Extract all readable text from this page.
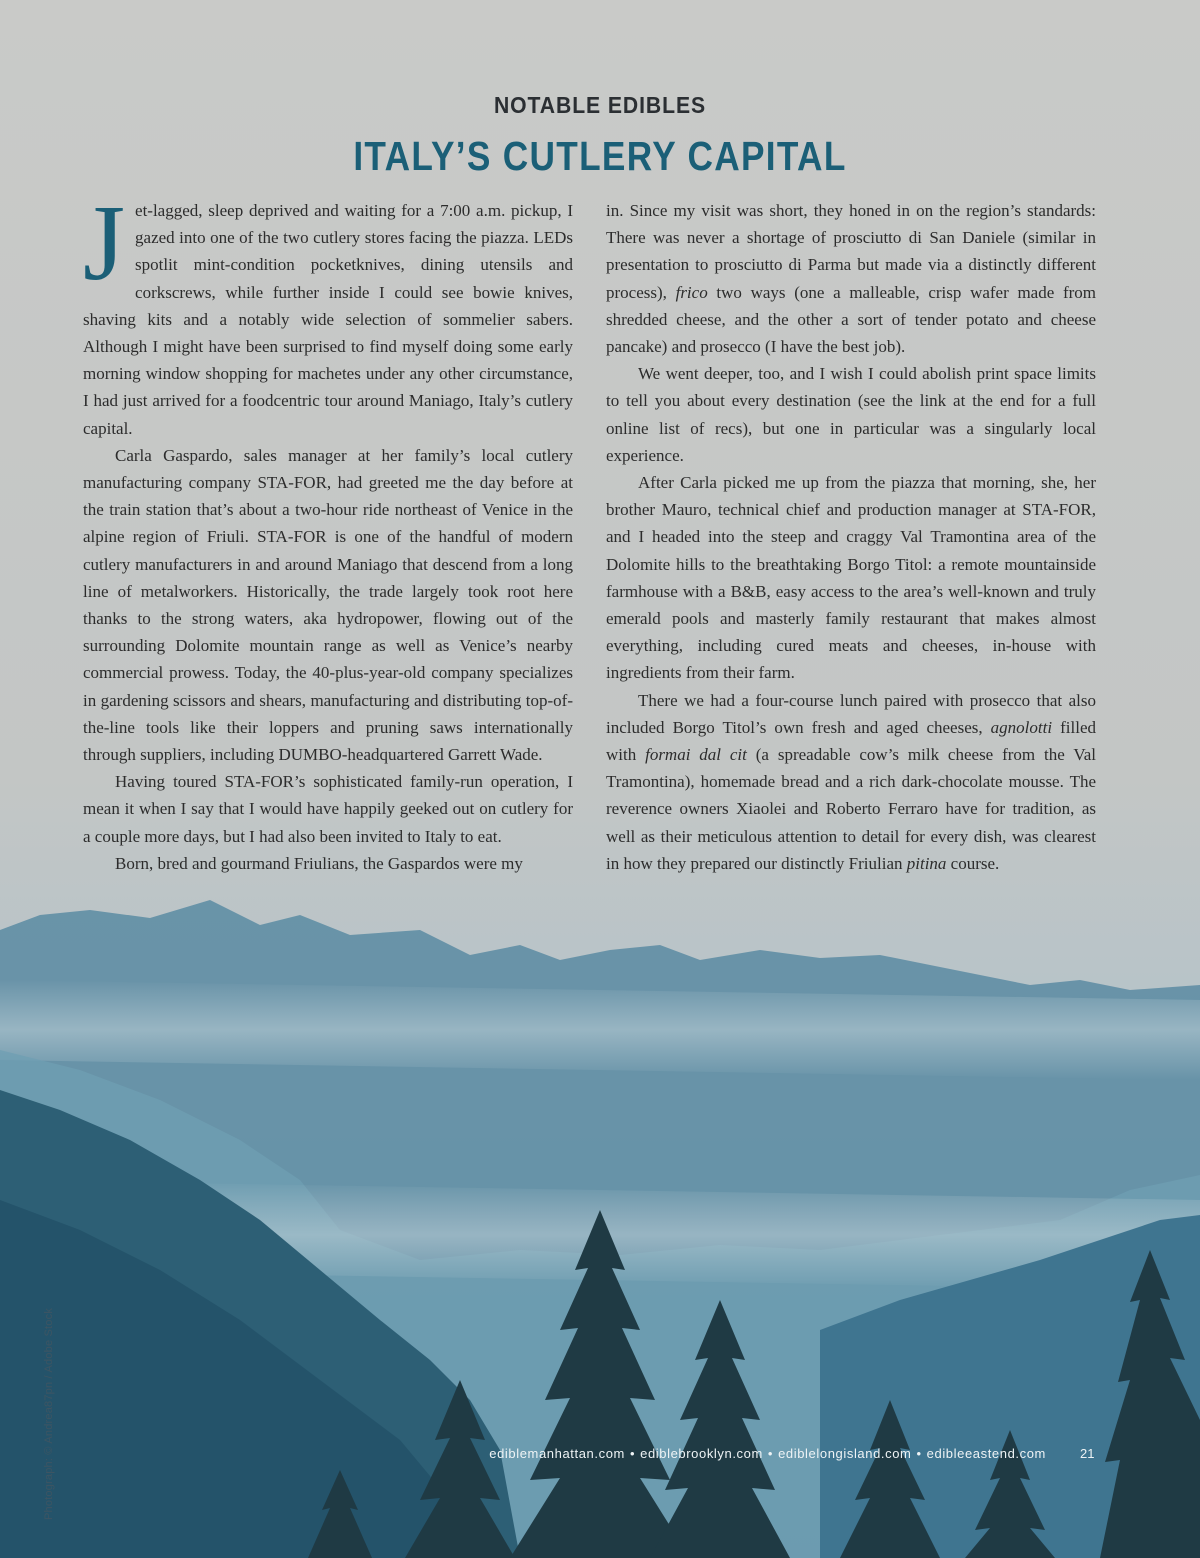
NOTABLE EDIBLES
ITALY’S CUTLERY CAPITAL

Jet-lagged, sleep deprived and waiting for a 7:00 a.m. pickup, I gazed into one of the two cutlery stores facing the piazza. LEDs spotlit mint-condition pocketknives, dining utensils and corkscrews, while further inside I could see bowie knives, shaving kits and a notably wide selection of sommelier sabers. Although I might have been surprised to find myself doing some early morning window shopping for machetes under any other circumstance, I had just arrived for a foodcentric tour around Maniago, Italy’s cutlery capital.

Carla Gaspardo, sales manager at her family’s local cutlery manufacturing company STA-FOR, had greeted me the day before at the train station that’s about a two-hour ride northeast of Venice in the alpine region of Friuli. STA-FOR is one of the handful of modern cutlery manufacturers in and around Maniago that descend from a long line of metalworkers. Historically, the trade largely took root here thanks to the strong waters, aka hydropower, flowing out of the surrounding Dolomite mountain range as well as Venice’s nearby commercial prowess. Today, the 40-plus-year-old company specializes in gardening scissors and shears, manufacturing and distributing top-of-the-line tools like their loppers and pruning saws internationally through suppliers, including DUMBO-headquartered Garrett Wade.

Having toured STA-FOR’s sophisticated family-run operation, I mean it when I say that I would have happily geeked out on cutlery for a couple more days, but I had also been invited to Italy to eat.

Born, bred and gourmand Friulians, the Gaspardos were my

in. Since my visit was short, they honed in on the region’s standards: There was never a shortage of prosciutto di San Daniele (similar in presentation to prosciutto di Parma but made via a distinctly different process), frico two ways (one a malleable, crisp wafer made from shredded cheese, and the other a sort of tender potato and cheese pancake) and prosecco (I have the best job).

We went deeper, too, and I wish I could abolish print space limits to tell you about every destination (see the link at the end for a full online list of recs), but one in particular was a singularly local experience.

After Carla picked me up from the piazza that morning, she, her brother Mauro, technical chief and production manager at STA-FOR, and I headed into the steep and craggy Val Tramontina area of the Dolomite hills to the breathtaking Borgo Titol: a remote mountainside farmhouse with a B&B, easy access to the area’s well-known and truly emerald pools and masterly family restaurant that makes almost everything, including cured meats and cheeses, in-house with ingredients from their farm.

There we had a four-course lunch paired with prosecco that also included Borgo Titol’s own fresh and aged cheeses, agnolotti filled with formai dal cit (a spreadable cow’s milk cheese from the Val Tramontina), homemade bread and a rich dark-chocolate mousse. The reverence owners Xiaolei and Roberto Ferraro have for tradition, as well as their meticulous attention to detail for every dish, was clearest in how they prepared our distinctly Friulian pitina course.

Photograph: © Andrea87pn / Adobe Stock	ediblemanhattan.com • ediblebrooklyn.com • ediblelongisland.com • edibleeastend.com	21
